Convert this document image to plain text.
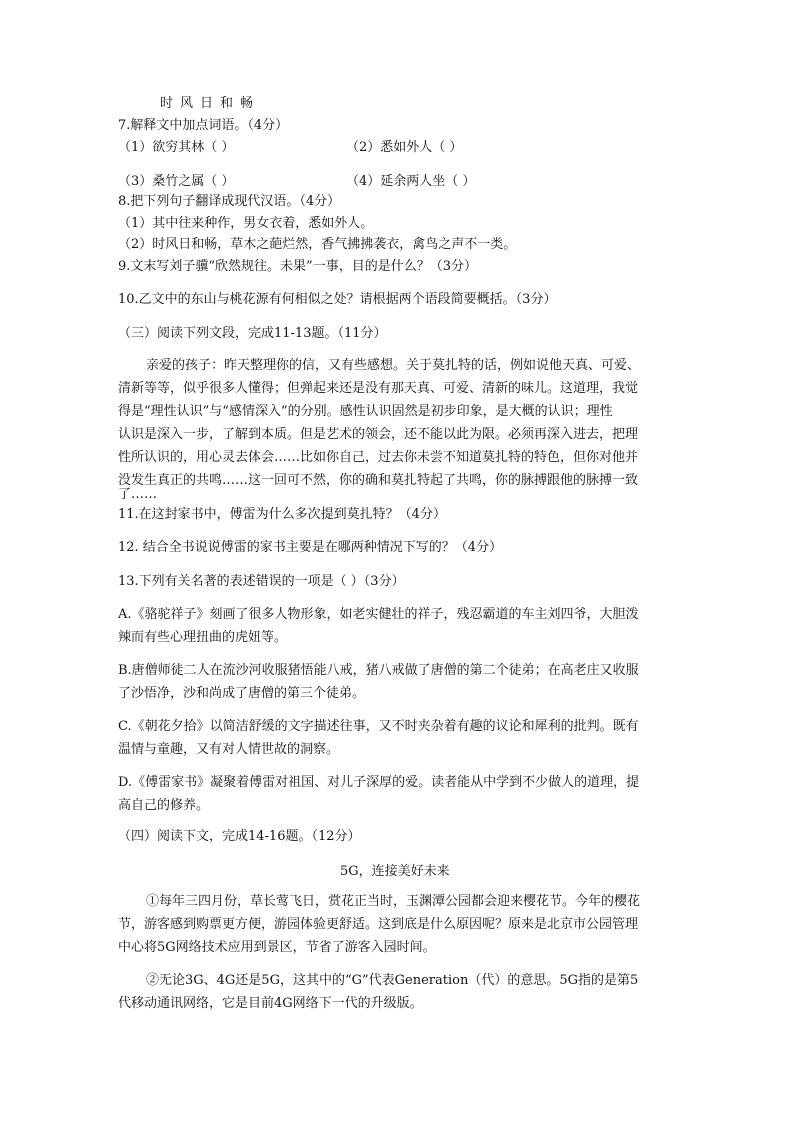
时风日和畅
7.解释文中加点词语。（4分）
（1）欲穷其林（ ）	（2）悉如外人（ ）
（3）桑竹之属（ ）	（4）延余两人坐（ ）
8.把下列句子翻译成现代汉语。（4分）
（1）其中往来种作，男女衣着，悉如外人。
（2）时风日和畅，草木之葩烂然，香气拂拂袭衣，禽鸟之声不一类。
9.文末写刘子骥“欣然规往。未果”一事，目的是什么？（3分）
10.乙文中的东山与桃花源有何相似之处？请根据两个语段简要概括。（3分）
（三）阅读下列文段，完成11-13题。（11分）
亲爱的孩子：昨天整理你的信，又有些感想。关于莫扎特的话，例如说他天真、可爱、
清新等等，似乎很多人懂得；但弹起来还是没有那天真、可爱、清新的味儿。这道理，我觉
得是“理性认识”与“感情深入”的分别。感性认识固然是初步印象，是大概的认识；理性
认识是深入一步，了解到本质。但是艺术的领会，还不能以此为限。必须再深入进去，把理
性所认识的，用心灵去体会……比如你自己，过去你未尝不知道莫扎特的特色，但你对他并
没发生真正的共鸣……这一回可不然，你的确和莫扎特起了共鸣，你的脉搏跟他的脉搏一致
了……
11.在这封家书中，傅雷为什么多次提到莫扎特？（4分）
12. 结合全书说说傅雷的家书主要是在哪两种情况下写的？（4分）
13.下列有关名著的表述错误的一项是（ ）（3分）
A.《骆驼祥子》刻画了很多人物形象，如老实健壮的祥子，残忍霸道的车主刘四爷，大胆泼
辣而有些心理扭曲的虎妞等。
B.唐僧师徒二人在流沙河收服猪悟能八戒，猪八戒做了唐僧的第二个徒弟；在高老庄又收服
了沙悟净，沙和尚成了唐僧的第三个徒弟。
C.《朝花夕拾》以简洁舒缓的文字描述往事，又不时夹杂着有趣的议论和犀利的批判。既有
温情与童趣，又有对人情世故的洞察。
D.《傅雷家书》凝聚着傅雷对祖国、对儿子深厚的爱。读者能从中学到不少做人的道理，提
高自己的修养。
（四）阅读下文，完成14-16题。（12分）
5G，连接美好未来
①每年三四月份，草长莺飞日，赏花正当时，玉渊潭公园都会迎来樱花节。今年的樱花
节，游客感到购票更方便，游园体验更舒适。这到底是什么原因呢？原来是北京市公园管理
中心将5G网络技术应用到景区，节省了游客入园时间。
②无论3G、4G还是5G，这其中的“G”代表Generation（代）的意思。5G指的是第5
代移动通讯网络，它是目前4G网络下一代的升级版。
